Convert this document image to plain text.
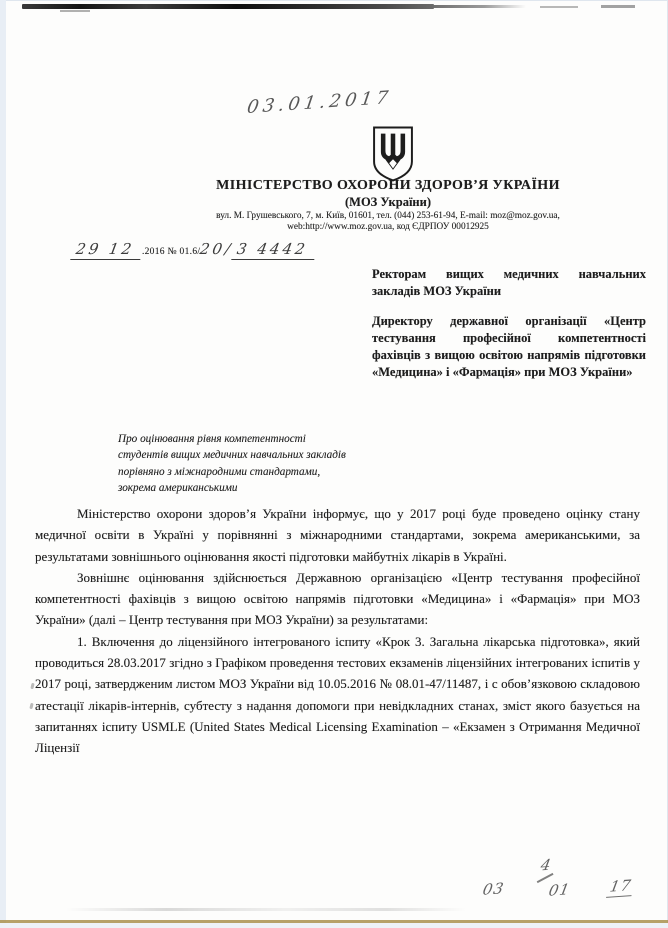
03.01.2017
МІНІСТЕРСТВО ОХОРОНИ ЗДОРОВ’Я УКРАЇНИ
(МОЗ України)
вул. М. Грушевського, 7, м. Київ, 01601, тел. (044) 253-61-94, E-mail: moz@moz.gov.ua,
web:http://www.moz.gov.ua, код ЄДРПОУ 00012925
29 12 .2016 № 01.6/20/3 4442
Ректорам вищих медичних навчальних закладів МОЗ України
Директору державної організації «Центр тестування професійної компетентності фахівців з вищою освітою напрямів підготовки «Медицина» і «Фармація» при МОЗ України»
Про оцінювання рівня компетентності
студентів вищих медичних навчальних закладів
порівняно з міжнародними стандартами,
зокрема американськими

Міністерство охорони здоров’я України інформує, що у 2017 році буде проведено оцінку стану медичної освіти в Україні у порівнянні з міжнародними стандартами, зокрема американськими, за результатами зовнішнього оцінювання якості підготовки майбутніх лікарів в Україні.

Зовнішнє оцінювання здійснюється Державною організацією «Центр тестування професійної компетентності фахівців з вищою освітою напрямів підготовки «Медицина» і «Фармація» при МОЗ України» (далі – Центр тестування при МОЗ України) за результатами:

1. Включення до ліцензійного інтегрованого іспиту «Крок 3. Загальна лікарська підготовка», який проводиться 28.03.2017 згідно з Графіком проведення тестових екзаменів ліцензійних інтегрованих іспитів у 2017 році, затвердженим листом МОЗ України від 10.05.2016 № 08.01-47/11487, і с обов’язковою складовою атестації лікарів-інтернів, субтесту з надання допомоги при невідкладних станах, зміст якого базується на запитаннях іспиту USMLE (United States Medical Licensing Examination – «Екзамен з Отримання Медичної Ліцензії

4
03	01 17
